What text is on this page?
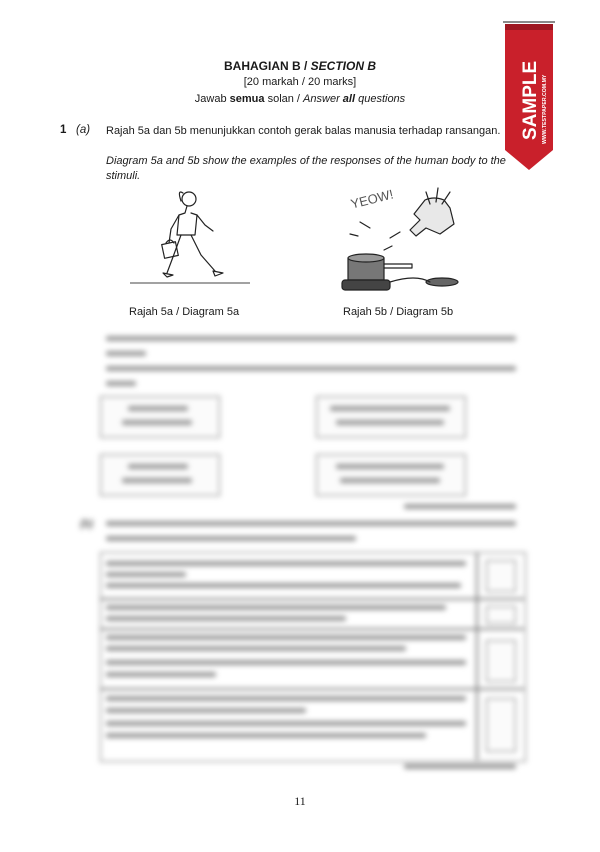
BAHAGIAN B / SECTION B
[20 markah / 20 marks]
Jawab semua solan / Answer all questions
1 (a) Rajah 5a dan 5b menunjukkan contoh gerak balas manusia terhadap ransangan.
Diagram 5a and 5b show the examples of the responses of the human body to the stimuli.
YEOW!
Rajah 5a / Diagram 5a	Rajah 5b / Diagram 5b
(b)
11
SAMPLE WWW.TESTPAPER.COM.MY
